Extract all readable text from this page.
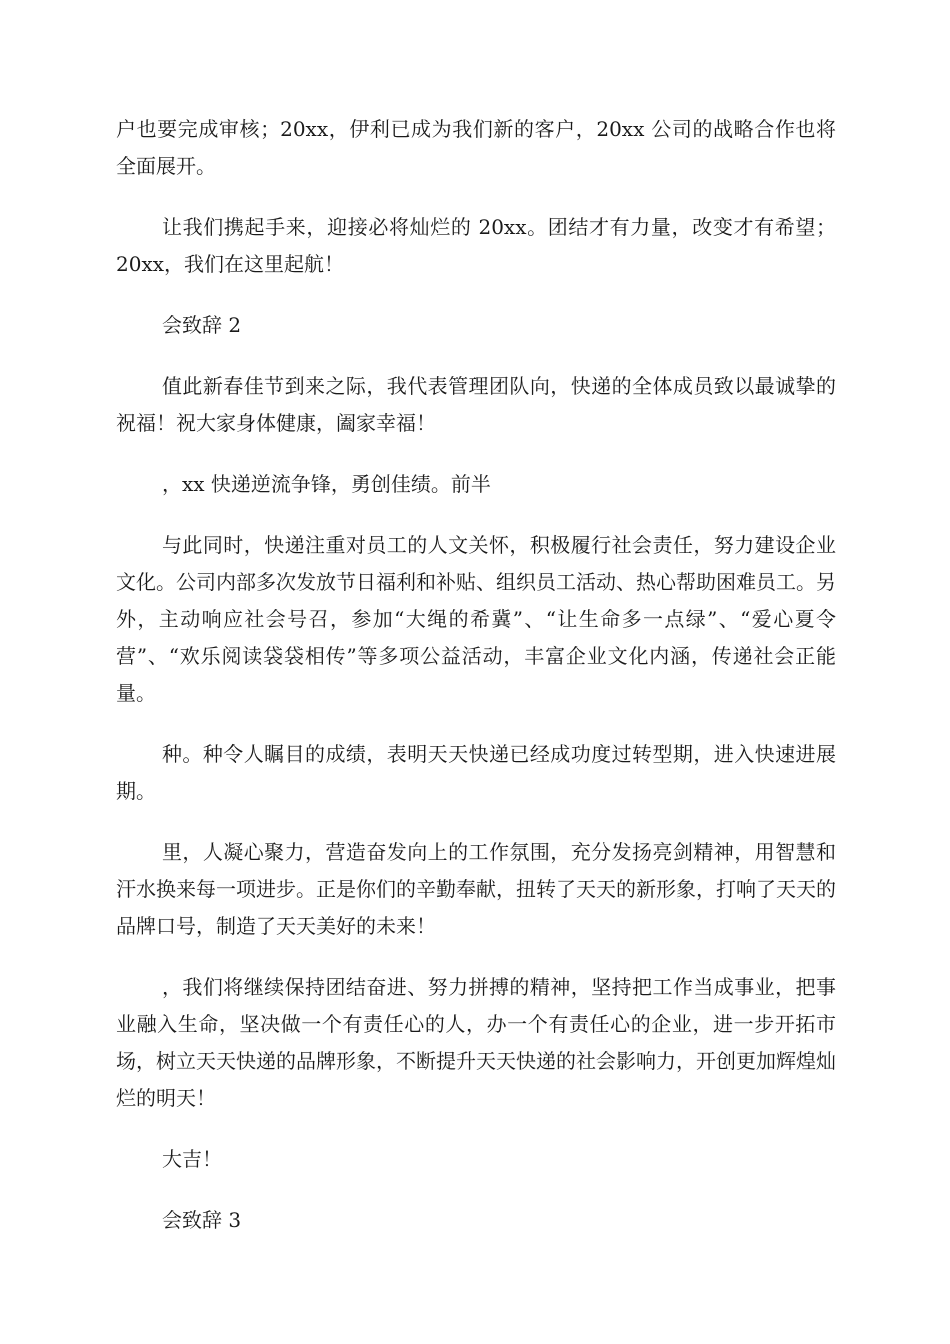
户也要完成审核；20xx，伊利已成为我们新的客户，20xx 公司的战略合作也将全面展开。

让我们携起手来，迎接必将灿烂的 20xx。团结才有力量，改变才有希望； 20xx，我们在这里起航！

会致辞 2

值此新春佳节到来之际，我代表管理团队向，快递的全体成员致以最诚挚的祝福！祝大家身体健康，阖家幸福！

，xx 快递逆流争锋，勇创佳绩。前半

与此同时，快递注重对员工的人文关怀，积极履行社会责任，努力建设企业文化。公司内部多次发放节日福利和补贴、组织员工活动、热心帮助困难员工。另外，主动响应社会号召，参加“大绳的希冀”、“让生命多一点绿”、“爱心夏令营”、“欢乐阅读袋袋相传”等多项公益活动，丰富企业文化内涵，传递社会正能量。

种。种令人瞩目的成绩，表明天天快递已经成功度过转型期，进入快速进展期。

里，人凝心聚力，营造奋发向上的工作氛围，充分发扬亮剑精神，用智慧和汗水换来每一项进步。正是你们的辛勤奉献，扭转了天天的新形象，打响了天天的品牌口号，制造了天天美好的未来！

，我们将继续保持团结奋进、努力拼搏的精神，坚持把工作当成事业，把事业融入生命，坚决做一个有责任心的人，办一个有责任心的企业，进一步开拓市场，树立天天快递的品牌形象，不断提升天天快递的社会影响力，开创更加辉煌灿烂的明天！

大吉！

会致辞 3
